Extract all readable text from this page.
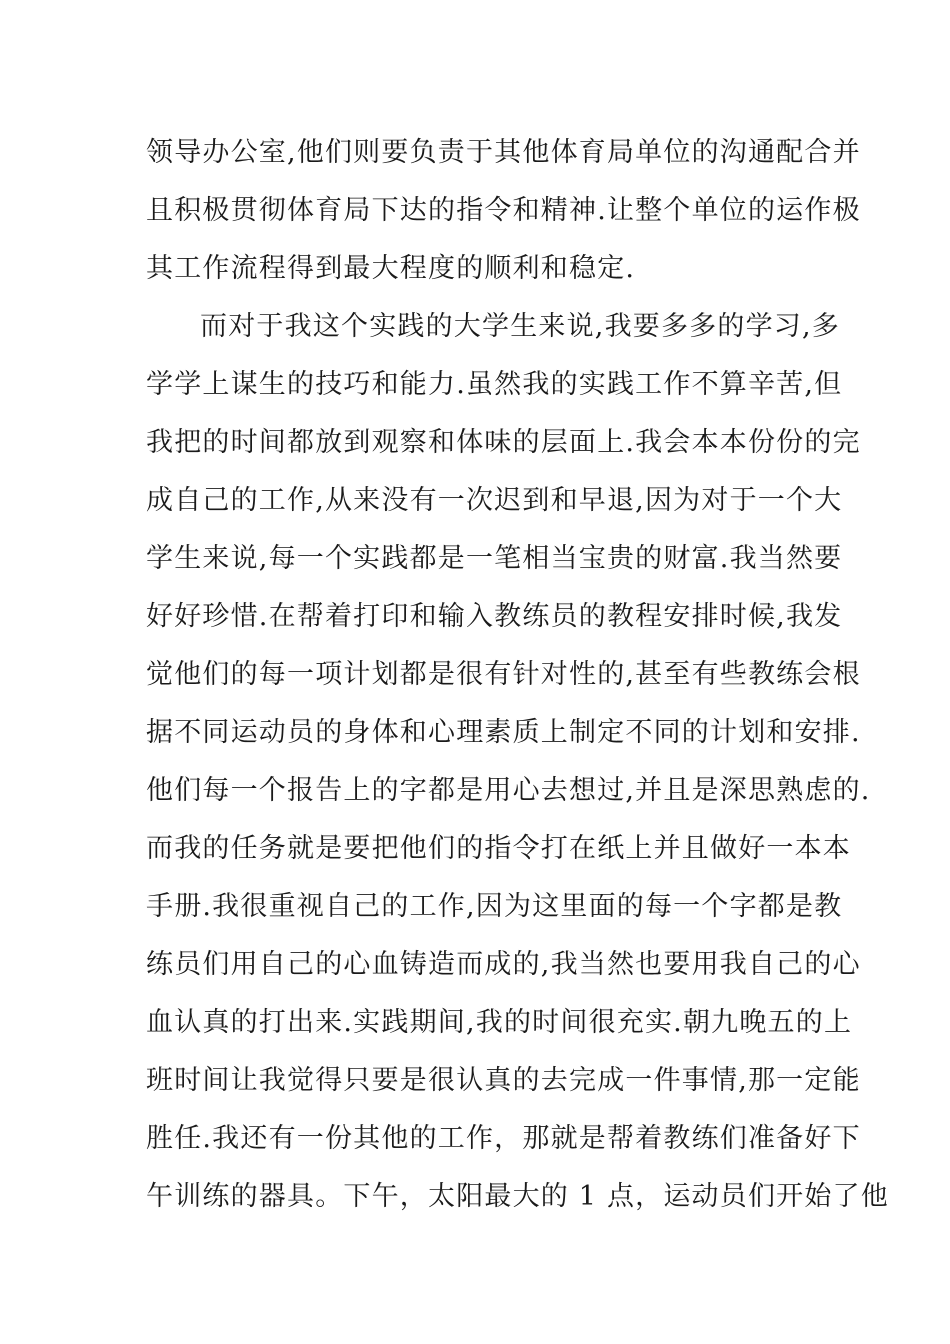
领导办公室,他们则要负责于其他体育局单位的沟通配合并
且积极贯彻体育局下达的指令和精神.让整个单位的运作极
其工作流程得到最大程度的顺利和稳定.
而对于我这个实践的大学生来说,我要多多的学习,多
学学上谋生的技巧和能力.虽然我的实践工作不算辛苦,但
我把的时间都放到观察和体味的层面上.我会本本份份的完
成自己的工作,从来没有一次迟到和早退,因为对于一个大
学生来说,每一个实践都是一笔相当宝贵的财富.我当然要
好好珍惜.在帮着打印和输入教练员的教程安排时候,我发
觉他们的每一项计划都是很有针对性的,甚至有些教练会根
据不同运动员的身体和心理素质上制定不同的计划和安排.
他们每一个报告上的字都是用心去想过,并且是深思熟虑的.
而我的任务就是要把他们的指令打在纸上并且做好一本本
手册.我很重视自己的工作,因为这里面的每一个字都是教
练员们用自己的心血铸造而成的,我当然也要用我自己的心
血认真的打出来.实践期间,我的时间很充实.朝九晚五的上
班时间让我觉得只要是很认真的去完成一件事情,那一定能
胜任.我还有一份其他的工作，那就是帮着教练们准备好下
午训练的器具。下午，太阳最大的 1 点，运动员们开始了他
